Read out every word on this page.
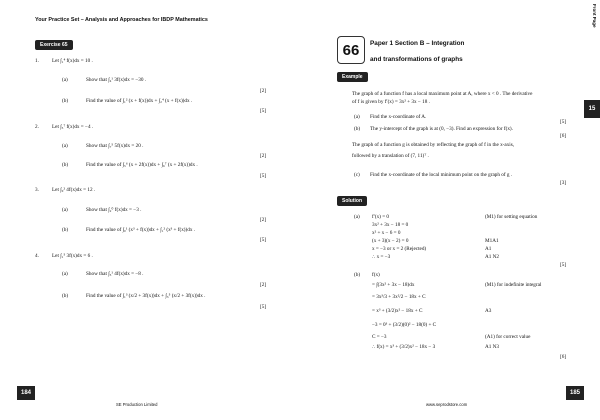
Your Practice Set – Analysis and Approaches for IBDP Mathematics	Front Page
Exercise 65
1.	Let ∫₁⁴ f(x)dx = 10 .
(a)	Show that ∫₄¹ 3f(x)dx = −30 .
[2]
(b)	Find the value of ∫₁² (x + f(x))dx + ∫₂⁴ (x + f(x))dx .
[5]
2.	Let ∫₅⁷ f(x)dx = −4 .
(a)	Show that ∫₇⁵ 5f(x)dx = 20 .
[2]
(b)	Find the value of ∫₅⁶ (x + 2f(x))dx + ∫₆⁷ (x + 2f(x))dx .
[5]
3.	Let ∫₀² 4f(x)dx = 12 .
(a)	Show that ∫₂⁰ f(x)dx = −3 .
[2]
(b)	Find the value of ∫₀¹ (x³ + f(x))dx + ∫₁² (x³ + f(x))dx .
[5]
4.	Let ∫₁⁵ 3f(x)dx = 6 .
(a)	Show that ∫₅¹ 4f(x)dx = −8 .
[2]
(b)	Find the value of ∫₁³ (x/2 + 3f(x))dx + ∫₃⁵ (x/2 + 3f(x))dx .
[5]
184
SE Production Limited
66	Paper 1 Section B – Integration
and transformations of graphs
Example
The graph of a function f has a local maximum point at A, where x < 0 . The derivative
of f is given by f′(x) = 3x² + 3x − 18 .
(a) Find the x-coordinate of A.
[5]
(b) The y-intercept of the graph is at (0, −3). Find an expression for f(x).
[6]
The graph of a function g is obtained by reflecting the graph of f in the x-axis,
followed by a translation of (7, 11)ᵀ .
(c) Find the x-coordinate of the local minimum point on the graph of g .
[3]
Solution
(a) f′(x) = 0	(M1) for setting equation
3x² + 3x − 18 = 0
x² + x − 6 = 0
(x + 3)(x − 2) = 0	M1A1
x = −3 or x = 2 (Rejected)	A1
∴ x = −3	A1 N2
[5]
(b) f(x)
= ∫(3x² + 3x − 18)dx	(M1) for indefinite integral
= 3x³/3 + 3x²/2 − 18x + C
= x³ + (3/2)x² − 18x + C	A3
−3 = 0³ + (3/2)(0)² − 18(0) + C
C = −3	(A1) for correct value
∴ f(x) = x³ + (3/2)x² − 18x − 3	A1 N3
[6]
15
185
www.seprodstore.com
